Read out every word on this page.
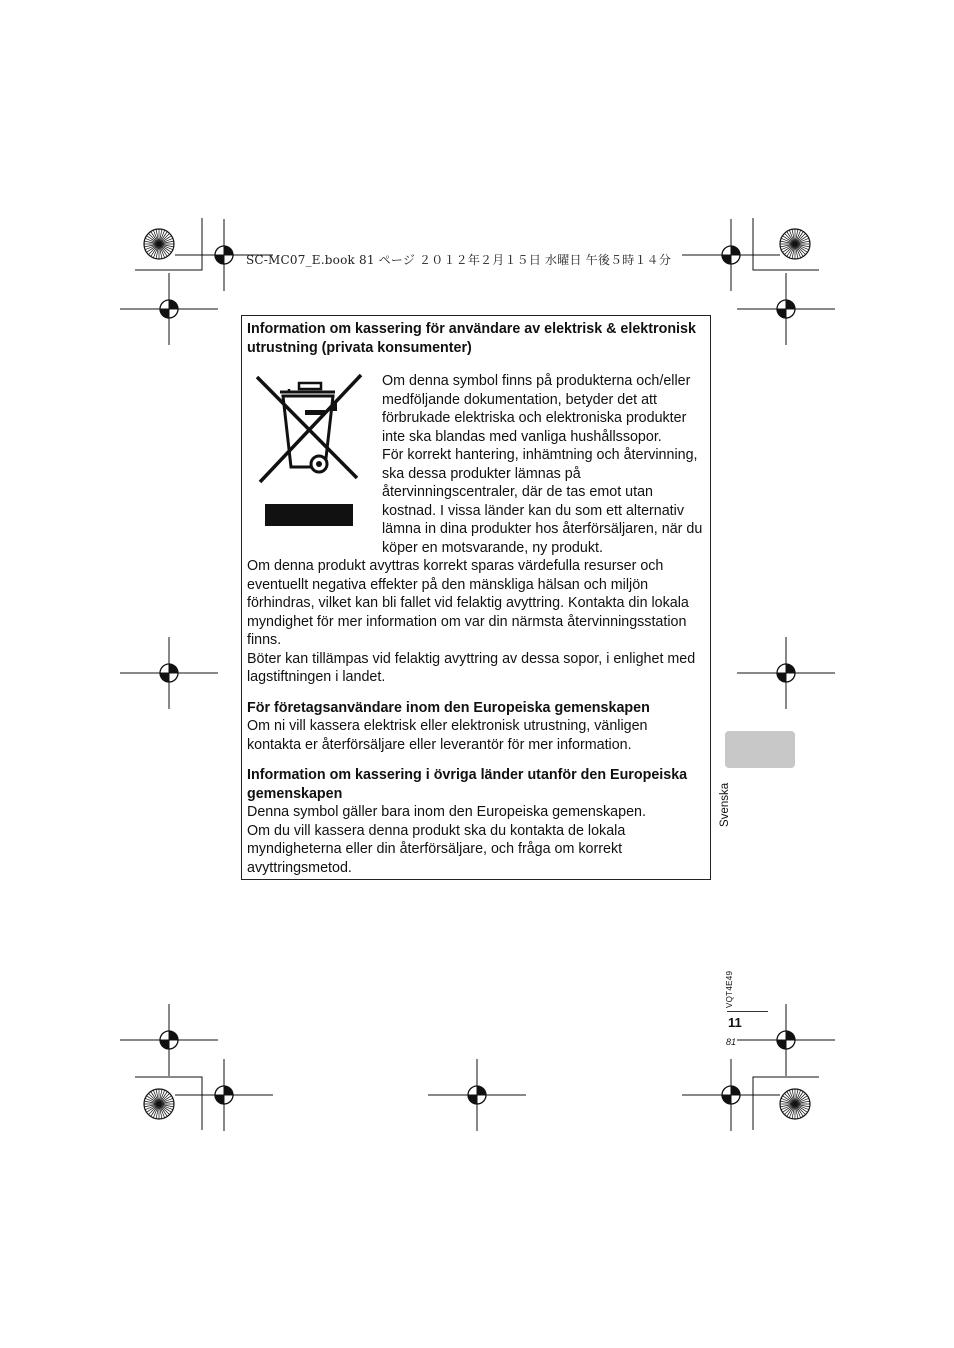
SC-MC07_E.book 81 ページ ２０１２年２月１５日 水曜日 午後５時１４分

Information om kassering för användare av elektrisk & elektronisk utrustning (privata konsumenter)

Om denna symbol finns på produkterna och/eller medföljande dokumentation, betyder det att förbrukade elektriska och elektroniska produkter inte ska blandas med vanliga hushållssopor.

För korrekt hantering, inhämtning och återvinning, ska dessa produkter lämnas på återvinningscentraler, där de tas emot utan kostnad. I vissa länder kan du som ett alternativ lämna in dina produkter hos återförsäljaren, när du köper en motsvarande, ny produkt.

Om denna produkt avyttras korrekt sparas värdefulla resurser och eventuellt negativa effekter på den mänskliga hälsan och miljön förhindras, vilket kan bli fallet vid felaktig avyttring. Kontakta din lokala myndighet för mer information om var din närmsta återvinningsstation finns.

Böter kan tillämpas vid felaktig avyttring av dessa sopor, i enlighet med lagstiftningen i landet.

För företagsanvändare inom den Europeiska gemenskapen

Om ni vill kassera elektrisk eller elektronisk utrustning, vänligen kontakta er återförsäljare eller leverantör för mer information.

Information om kassering i övriga länder utanför den Europeiska gemenskapen

Denna symbol gäller bara inom den Europeiska gemenskapen.

Om du vill kassera denna produkt ska du kontakta de lokala myndigheterna eller din återförsäljare, och fråga om korrekt avyttringsmetod.

Svenska
VQT4E49
11
81
